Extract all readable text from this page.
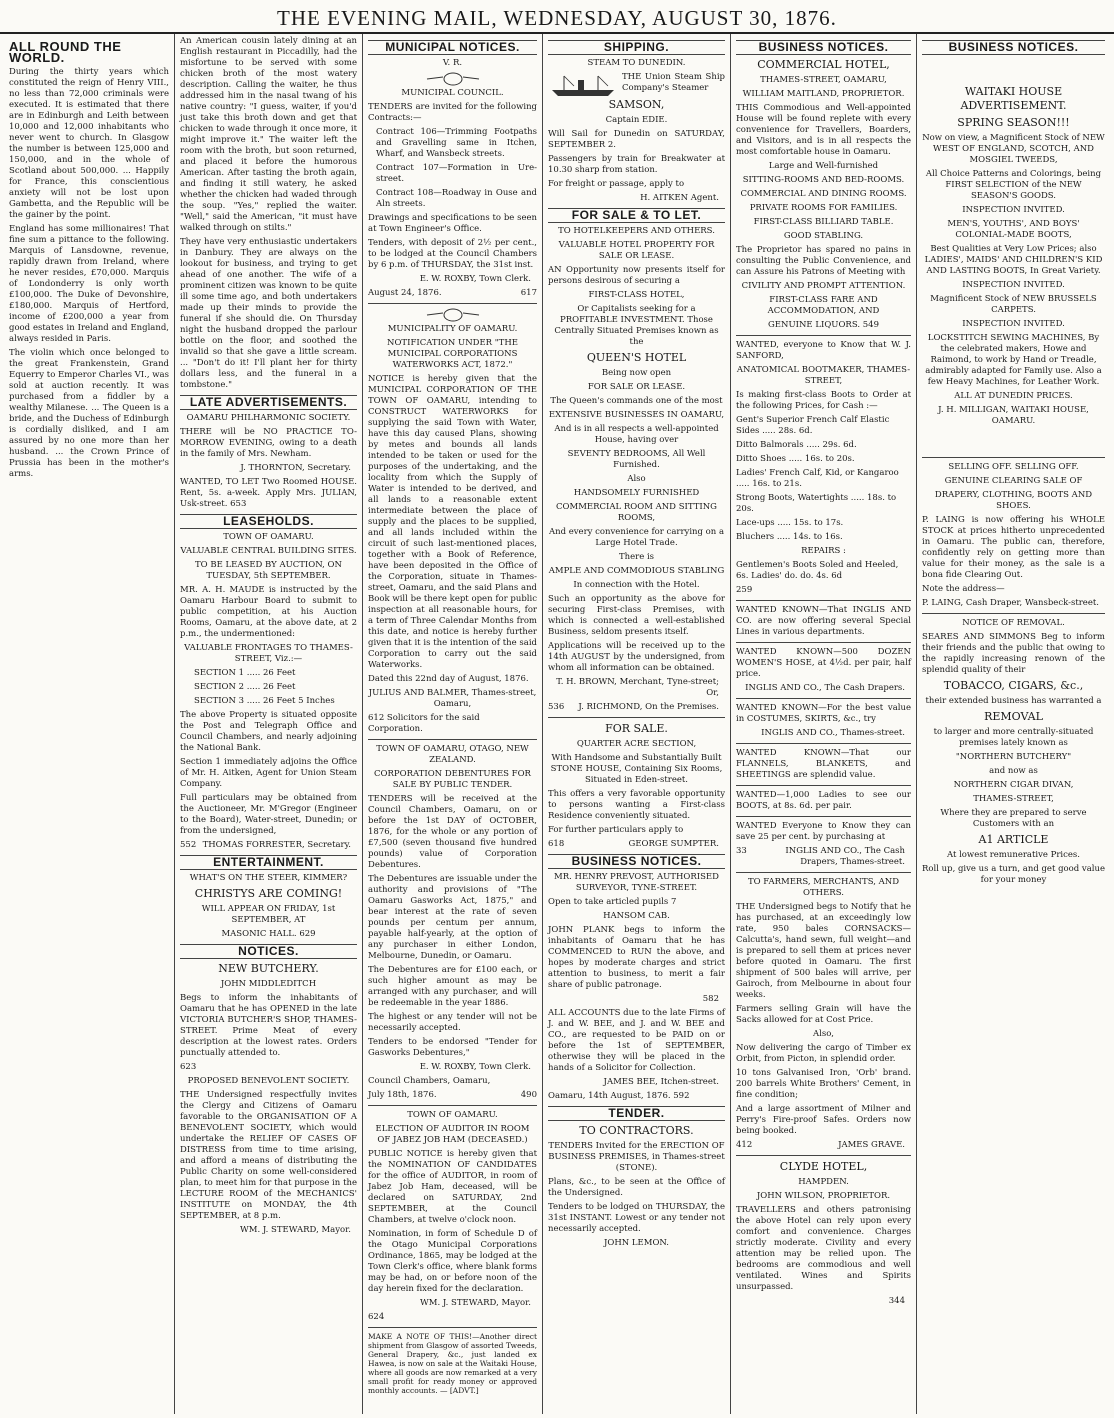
THE EVENING MAIL, WEDNESDAY, AUGUST 30, 1876.
ALL ROUND THE WORLD.

During the thirty years which constituted the reign of Henry VIII., no less than 72,000 criminals were executed. It is estimated that there are in Edinburgh and Leith between 10,000 and 12,000 inhabitants who never went to church. In Glasgow the number is between 125,000 and 150,000, and in the whole of Scotland about 500,000. ... Happily for France, this conscientious anxiety will not be lost upon Gambetta, and the Republic will be the gainer by the point.

England has some millionaires! That fine sum a pittance to the following. Marquis of Lansdowne, revenue, rapidly drawn from Ireland, where he never resides, £70,000. Marquis of Londonderry is only worth £100,000. The Duke of Devonshire, £180,000. Marquis of Hertford, income of £200,000 a year from good estates in Ireland and England, always resided in Paris.

The violin which once belonged to the great Frankenstein, Grand Equerry to Emperor Charles VI., was sold at auction recently. It was purchased from a fiddler by a wealthy Milanese. ... The Queen is a bride, and the Duchess of Edinburgh is cordially disliked, and I am assured by no one more than her husband. ... the Crown Prince of Prussia has been in the mother's arms.

An American cousin lately dining at an English restaurant in Piccadilly, had the misfortune to be served with some chicken broth of the most watery description. Calling the waiter, he thus addressed him in the nasal twang of his native country: "I guess, waiter, if you'd just take this broth down and get that chicken to wade through it once more, it might improve it." The waiter left the room with the broth, but soon returned, and placed it before the humorous American. After tasting the broth again, and finding it still watery, he asked whether the chicken had waded through the soup. "Yes," replied the waiter. "Well," said the American, "it must have walked through on stilts."

They have very enthusiastic undertakers in Danbury. They are always on the lookout for business, and trying to get ahead of one another. The wife of a prominent citizen was known to be quite ill some time ago, and both undertakers made up their minds to provide the funeral if she should die. On Thursday night the husband dropped the parlour bottle on the floor, and soothed the invalid so that she gave a little scream. ... "Don't do it! I'll plant her for thirty dollars less, and the funeral in a tombstone."

LATE ADVERTISEMENTS.

OAMARU PHILHARMONIC SOCIETY.

THERE will be NO PRACTICE TO-MORROW EVENING, owing to a death in the family of Mrs. Newham.

J. THORNTON, Secretary.

WANTED, TO LET Two Roomed HOUSE. Rent, 5s. a-week. Apply Mrs. JULIAN, Usk-street. 653

LEASEHOLDS.

TOWN OF OAMARU.

VALUABLE CENTRAL BUILDING SITES.

TO BE LEASED BY AUCTION, ON TUESDAY, 5th SEPTEMBER.

MR. A. H. MAUDE is instructed by the Oamaru Harbour Board to submit to public competition, at his Auction Rooms, Oamaru, at the above date, at 2 p.m., the undermentioned:

VALUABLE FRONTAGES TO THAMES-STREET, Viz.:—

SECTION 1 ..... 26 Feet

SECTION 2 ..... 26 Feet

SECTION 3 ..... 26 Feet 5 Inches

The above Property is situated opposite the Post and Telegraph Office and Council Chambers, and nearly adjoining the National Bank.

Section 1 immediately adjoins the Office of Mr. H. Aitken, Agent for Union Steam Company.

Full particulars may be obtained from the Auctioneer, Mr. M'Gregor (Engineer to the Board), Water-street, Dunedin; or from the undersigned,

552 THOMAS FORRESTER, Secretary.

ENTERTAINMENT.

WHAT'S ON THE STEER, KIMMER?

CHRISTYS ARE COMING!

WILL APPEAR ON FRIDAY, 1st SEPTEMBER, AT

MASONIC HALL. 629

NOTICES.

NEW BUTCHERY.

JOHN MIDDLEDITCH

Begs to inform the inhabitants of Oamaru that he has OPENED in the late VICTORIA BUTCHER'S SHOP, THAMES-STREET. Prime Meat of every description at the lowest rates. Orders punctually attended to.

623

PROPOSED BENEVOLENT SOCIETY.

THE Undersigned respectfully invites the Clergy and Citizens of Oamaru favorable to the ORGANISATION OF A BENEVOLENT SOCIETY, which would undertake the RELIEF OF CASES OF DISTRESS from time to time arising, and afford a means of distributing the Public Charity on some well-considered plan, to meet him for that purpose in the LECTURE ROOM of the MECHANICS' INSTITUTE on MONDAY, the 4th SEPTEMBER, at 8 p.m.

WM. J. STEWARD, Mayor.

MUNICIPAL NOTICES.

V. R.

MUNICIPAL COUNCIL.

TENDERS are invited for the following Contracts:—

Contract 106—Trimming Footpaths and Gravelling same in Itchen, Wharf, and Wansbeck streets.

Contract 107—Formation in Ure-street.

Contract 108—Roadway in Ouse and Aln streets.

Drawings and specifications to be seen at Town Engineer's Office.

Tenders, with deposit of 2½ per cent., to be lodged at the Council Chambers by 6 p.m. of THURSDAY, the 31st inst.

E. W. ROXBY, Town Clerk.

August 24, 1876.	617

MUNICIPALITY OF OAMARU.

NOTIFICATION UNDER "THE MUNICIPAL CORPORATIONS WATERWORKS ACT, 1872."

NOTICE is hereby given that the MUNICIPAL CORPORATION OF THE TOWN OF OAMARU, intending to CONSTRUCT WATERWORKS for supplying the said Town with Water, have this day caused Plans, showing by metes and bounds all lands intended to be taken or used for the purposes of the undertaking, and the locality from which the Supply of Water is intended to be derived, and all lands to a reasonable extent intermediate between the place of supply and the places to be supplied, and all lands included within the circuit of such last-mentioned places, together with a Book of Reference, have been deposited in the Office of the Corporation, situate in Thames-street, Oamaru, and the said Plans and Book will be there kept open for public inspection at all reasonable hours, for a term of Three Calendar Months from this date, and notice is hereby further given that it is the intention of the said Corporation to carry out the said Waterworks.

Dated this 22nd day of August, 1876.

JULIUS AND BALMER, Thames-street, Oamaru,

612 Solicitors for the said Corporation.

TOWN OF OAMARU, OTAGO, NEW ZEALAND.

CORPORATION DEBENTURES FOR SALE BY PUBLIC TENDER.

TENDERS will be received at the Council Chambers, Oamaru, on or before the 1st DAY of OCTOBER, 1876, for the whole or any portion of £7,500 (seven thousand five hundred pounds) value of Corporation Debentures.

The Debentures are issuable under the authority and provisions of "The Oamaru Gasworks Act, 1875," and bear interest at the rate of seven pounds per centum per annum, payable half-yearly, at the option of any purchaser in either London, Melbourne, Dunedin, or Oamaru.

The Debentures are for £100 each, or such higher amount as may be arranged with any purchaser, and will be redeemable in the year 1886.

The highest or any tender will not be necessarily accepted.

Tenders to be endorsed "Tender for Gasworks Debentures,"

E. W. ROXBY, Town Clerk.

Council Chambers, Oamaru,

July 18th, 1876.	490

TOWN OF OAMARU.

ELECTION OF AUDITOR IN ROOM OF JABEZ JOB HAM (DECEASED.)

PUBLIC NOTICE is hereby given that the NOMINATION OF CANDIDATES for the office of AUDITOR, in room of Jabez Job Ham, deceased, will be declared on SATURDAY, 2nd SEPTEMBER, at the Council Chambers, at twelve o'clock noon.

Nomination, in form of Schedule D of the Otago Municipal Corporations Ordinance, 1865, may be lodged at the Town Clerk's office, where blank forms may be had, on or before noon of the day herein fixed for the declaration.

WM. J. STEWARD, Mayor.

624

MAKE A NOTE OF THIS!—Another direct shipment from Glasgow of assorted Tweeds, General Drapery, &c., just landed ex Hawea, is now on sale at the Waitaki House, where all goods are now remarked at a very small profit for ready money or approved monthly accounts. — [ADVT.]

SHIPPING.

STEAM TO DUNEDIN.

THE Union Steam Ship Company's Steamer

SAMSON,

Captain EDIE.

Will Sail for Dunedin on SATURDAY, SEPTEMBER 2.

Passengers by train for Breakwater at 10.30 sharp from station.

For freight or passage, apply to

H. AITKEN Agent.

FOR SALE & TO LET.

TO HOTELKEEPERS AND OTHERS.

VALUABLE HOTEL PROPERTY FOR SALE OR LEASE.

AN Opportunity now presents itself for persons desirous of securing a

FIRST-CLASS HOTEL,

Or Capitalists seeking for a PROFITABLE INVESTMENT. Those Centrally Situated Premises known as the

QUEEN'S HOTEL

Being now open

FOR SALE OR LEASE.

The Queen's commands one of the most

EXTENSIVE BUSINESSES IN OAMARU,

And is in all respects a well-appointed House, having over

SEVENTY BEDROOMS, All Well Furnished.

Also

HANDSOMELY FURNISHED

COMMERCIAL ROOM AND SITTING ROOMS,

And every convenience for carrying on a Large Hotel Trade.

There is

AMPLE AND COMMODIOUS STABLING

In connection with the Hotel.

Such an opportunity as the above for securing First-class Premises, with which is connected a well-established Business, seldom presents itself.

Applications will be received up to the 14th AUGUST by the undersigned, from whom all information can be obtained.

T. H. BROWN, Merchant, Tyne-street; Or,

536 J. RICHMOND, On the Premises.

FOR SALE.

QUARTER ACRE SECTION,

With Handsome and Substantially Built STONE HOUSE, Containing Six Rooms, Situated in Eden-street.

This offers a very favorable opportunity to persons wanting a First-class Residence conveniently situated.

For further particulars apply to

618	GEORGE SUMPTER.

BUSINESS NOTICES.

MR. HENRY PREVOST, AUTHORISED SURVEYOR, TYNE-STREET.

Open to take articled pupils 7

HANSOM CAB.

JOHN PLANK begs to inform the inhabitants of Oamaru that he has COMMENCED to RUN the above, and hopes by moderate charges and strict attention to business, to merit a fair share of public patronage.

582

ALL ACCOUNTS due to the late Firms of J. and W. BEE, and J. and W. BEE and CO., are requested to be PAID on or before the 1st of SEPTEMBER, otherwise they will be placed in the hands of a Solicitor for Collection.

JAMES BEE, Itchen-street.

Oamaru, 14th August, 1876. 592

TENDER.

TO CONTRACTORS.

TENDERS Invited for the ERECTION OF BUSINESS PREMISES, in Thames-street (STONE).

Plans, &c., to be seen at the Office of the Undersigned.

Tenders to be lodged on THURSDAY, the 31st INSTANT. Lowest or any tender not necessarily accepted.

JOHN LEMON.

BUSINESS NOTICES.

COMMERCIAL HOTEL,

THAMES-STREET, OAMARU,

WILLIAM MAITLAND, PROPRIETOR.

THIS Commodious and Well-appointed House will be found replete with every convenience for Travellers, Boarders, and Visitors, and is in all respects the most comfortable house in Oamaru.

Large and Well-furnished

SITTING-ROOMS AND BED-ROOMS.

COMMERCIAL AND DINING ROOMS.

PRIVATE ROOMS FOR FAMILIES.

FIRST-CLASS BILLIARD TABLE.

GOOD STABLING.

The Proprietor has spared no pains in consulting the Public Convenience, and can Assure his Patrons of Meeting with

CIVILITY AND PROMPT ATTENTION.

FIRST-CLASS FARE AND ACCOMMODATION, AND

GENUINE LIQUORS. 549

WANTED, everyone to Know that W. J. SANFORD,

ANATOMICAL BOOTMAKER, THAMES-STREET,

Is making first-class Boots to Order at the following Prices, for Cash :—

Gent's Superior French Calf Elastic Sides ..... 28s. 6d.

Ditto Balmorals ..... 29s. 6d.

Ditto Shoes ..... 16s. to 20s.

Ladies' French Calf, Kid, or Kangaroo ..... 16s. to 21s.

Strong Boots, Watertights ..... 18s. to 20s.

Lace-ups ..... 15s. to 17s.

Bluchers ..... 14s. to 16s.

REPAIRS :

Gentlemen's Boots Soled and Heeled, 6s. Ladies' do. do. 4s. 6d

259

WANTED KNOWN—That INGLIS AND CO. are now offering several Special Lines in various departments.

WANTED KNOWN—500 DOZEN WOMEN'S HOSE, at 4½d. per pair, half price.

INGLIS AND CO., The Cash Drapers.

WANTED KNOWN—For the best value in COSTUMES, SKIRTS, &c., try

INGLIS AND CO., Thames-street.

WANTED KNOWN—That our FLANNELS, BLANKETS, and SHEETINGS are splendid value.

WANTED—1,000 Ladies to see our BOOTS, at 8s. 6d. per pair.

WANTED Everyone to Know they can save 25 per cent. by purchasing at

33	INGLIS AND CO., The Cash Drapers, Thames-street.

TO FARMERS, MERCHANTS, AND OTHERS.

THE Undersigned begs to Notify that he has purchased, at an exceedingly low rate, 950 bales CORNSACKS—Calcutta's, hand sewn, full weight—and is prepared to sell them at prices never before quoted in Oamaru. The first shipment of 500 bales will arrive, per Gairoch, from Melbourne in about four weeks.

Farmers selling Grain will have the Sacks allowed for at Cost Price.

Also,

Now delivering the cargo of Timber ex Orbit, from Picton, in splendid order.

10 tons Galvanised Iron, 'Orb' brand. 200 barrels White Brothers' Cement, in fine condition;

And a large assortment of Milner and Perry's Fire-proof Safes. Orders now being booked.

412	JAMES GRAVE.

CLYDE HOTEL,

HAMPDEN.

JOHN WILSON, PROPRIETOR.

TRAVELLERS and others patronising the above Hotel can rely upon every comfort and convenience. Charges strictly moderate. Civility and every attention may be relied upon. The bedrooms are commodious and well ventilated. Wines and Spirits unsurpassed.

344

BUSINESS NOTICES.

WAITAKI HOUSE ADVERTISEMENT.

SPRING SEASON!!!

Now on view, a Magnificent Stock of NEW WEST OF ENGLAND, SCOTCH, AND MOSGIEL TWEEDS,

All Choice Patterns and Colorings, being FIRST SELECTION of the NEW SEASON'S GOODS.

INSPECTION INVITED.

MEN'S, YOUTHS', AND BOYS' COLONIAL-MADE BOOTS,

Best Qualities at Very Low Prices; also LADIES', MAIDS' AND CHILDREN'S KID AND LASTING BOOTS, In Great Variety.

INSPECTION INVITED.

Magnificent Stock of NEW BRUSSELS CARPETS.

INSPECTION INVITED.

LOCKSTITCH SEWING MACHINES, By the celebrated makers, Howe and Raimond, to work by Hand or Treadle, admirably adapted for Family use. Also a few Heavy Machines, for Leather Work.

ALL AT DUNEDIN PRICES.

J. H. MILLIGAN, WAITAKI HOUSE, OAMARU.

SELLING OFF. SELLING OFF.

GENUINE CLEARING SALE OF

DRAPERY, CLOTHING, BOOTS AND SHOES.

P. LAING is now offering his WHOLE STOCK at prices hitherto unprecedented in Oamaru. The public can, therefore, confidently rely on getting more than value for their money, as the sale is a bona fide Clearing Out.

Note the address—

P. LAING, Cash Draper, Wansbeck-street.

NOTICE OF REMOVAL.

SEARES AND SIMMONS Beg to inform their friends and the public that owing to the rapidly increasing renown of the splendid quality of their

TOBACCO, CIGARS, &c.,

their extended business has warranted a

REMOVAL

to larger and more centrally-situated premises lately known as

"NORTHERN BUTCHERY"

and now as

NORTHERN CIGAR DIVAN,

THAMES-STREET,

Where they are prepared to serve Customers with an

A1 ARTICLE

At lowest remunerative Prices.

Roll up, give us a turn, and get good value for your money
